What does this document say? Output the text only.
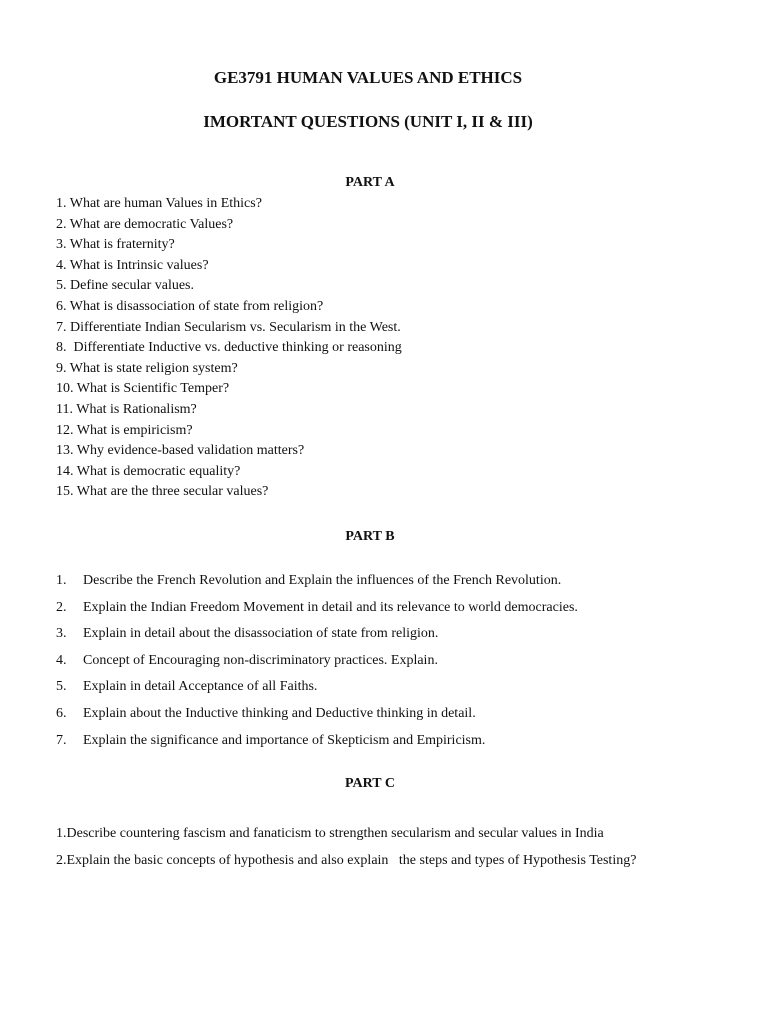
GE3791 HUMAN VALUES AND ETHICS
IMORTANT QUESTIONS (UNIT I, II & III)
PART A
1. What are human Values in Ethics?
2. What are democratic Values?
3. What is fraternity?
4. What is Intrinsic values?
5. Define secular values.
6. What is disassociation of state from religion?
7. Differentiate Indian Secularism vs. Secularism in the West.
8.  Differentiate Inductive vs. deductive thinking or reasoning
9. What is state religion system?
10. What is Scientific Temper?
11. What is Rationalism?
12. What is empiricism?
13. Why evidence-based validation matters?
14. What is democratic equality?
15. What are the three secular values?
PART B
1. Describe the French Revolution and Explain the influences of the French Revolution.
2. Explain the Indian Freedom Movement in detail and its relevance to world democracies.
3. Explain in detail about the disassociation of state from religion.
4. Concept of Encouraging non-discriminatory practices. Explain.
5. Explain in detail Acceptance of all Faiths.
6. Explain about the Inductive thinking and Deductive thinking in detail.
7. Explain the significance and importance of Skepticism and Empiricism.
PART C
1.Describe countering fascism and fanaticism to strengthen secularism and secular values in India
2.Explain the basic concepts of hypothesis and also explain   the steps and types of Hypothesis Testing?
